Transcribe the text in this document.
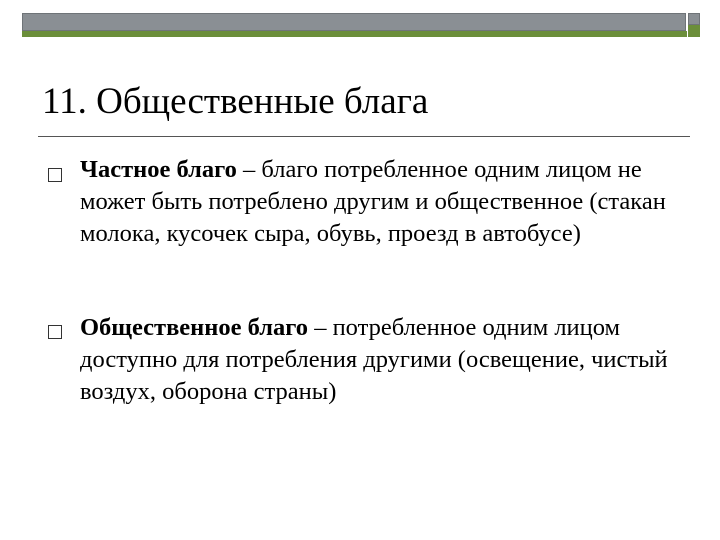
11. Общественные блага
Частное благо – благо потребленное одним лицом не может быть потреблено другим и общественное (стакан молока, кусочек сыра, обувь, проезд в автобусе)
Общественное благо – потребленное одним лицом доступно для потребления другими (освещение, чистый воздух, оборона страны)
